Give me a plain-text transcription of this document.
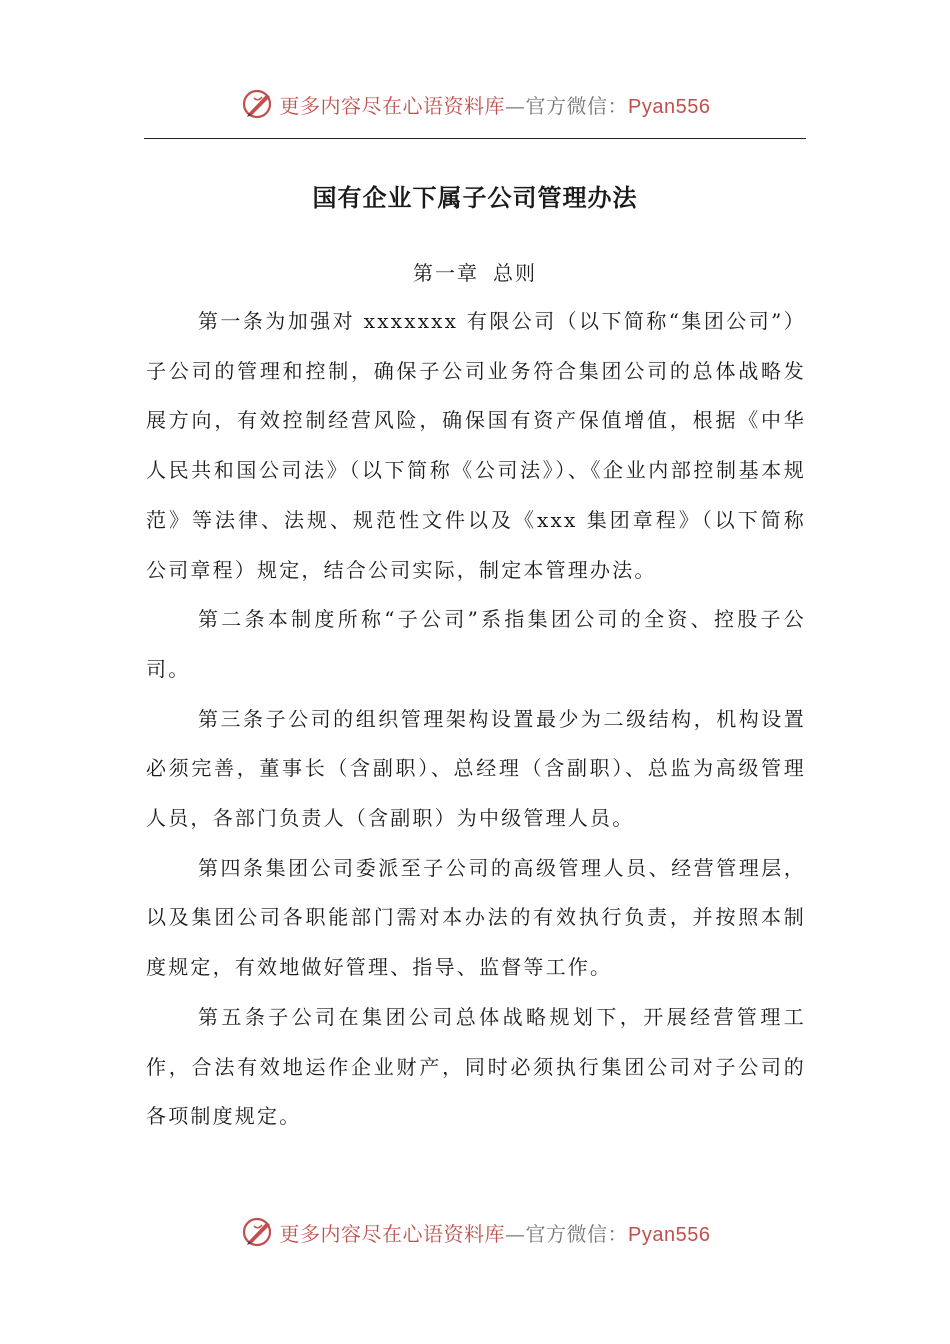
更多内容尽在心语资料库—官方微信：Pyan556
国有企业下属子公司管理办法
第一章 总则

第一条为加强对 xxxxxxx 有限公司（以下简称“集团公司”）子公司的管理和控制，确保子公司业务符合集团公司的总体战略发展方向，有效控制经营风险，确保国有资产保值增值，根据《中华人民共和国公司法》（以下简称《公司法》）、《企业内部控制基本规范》等法律、法规、规范性文件以及《xxx 集团章程》（以下简称公司章程）规定，结合公司实际，制定本管理办法。

第二条本制度所称“子公司”系指集团公司的全资、控股子公司。

第三条子公司的组织管理架构设置最少为二级结构，机构设置必须完善，董事长（含副职）、总经理（含副职）、总监为高级管理人员，各部门负责人（含副职）为中级管理人员。

第四条集团公司委派至子公司的高级管理人员、经营管理层，以及集团公司各职能部门需对本办法的有效执行负责，并按照本制度规定，有效地做好管理、指导、监督等工作。

第五条子公司在集团公司总体战略规划下，开展经营管理工作，合法有效地运作企业财产，同时必须执行集团公司对子公司的各项制度规定。

更多内容尽在心语资料库—官方微信：Pyan556
